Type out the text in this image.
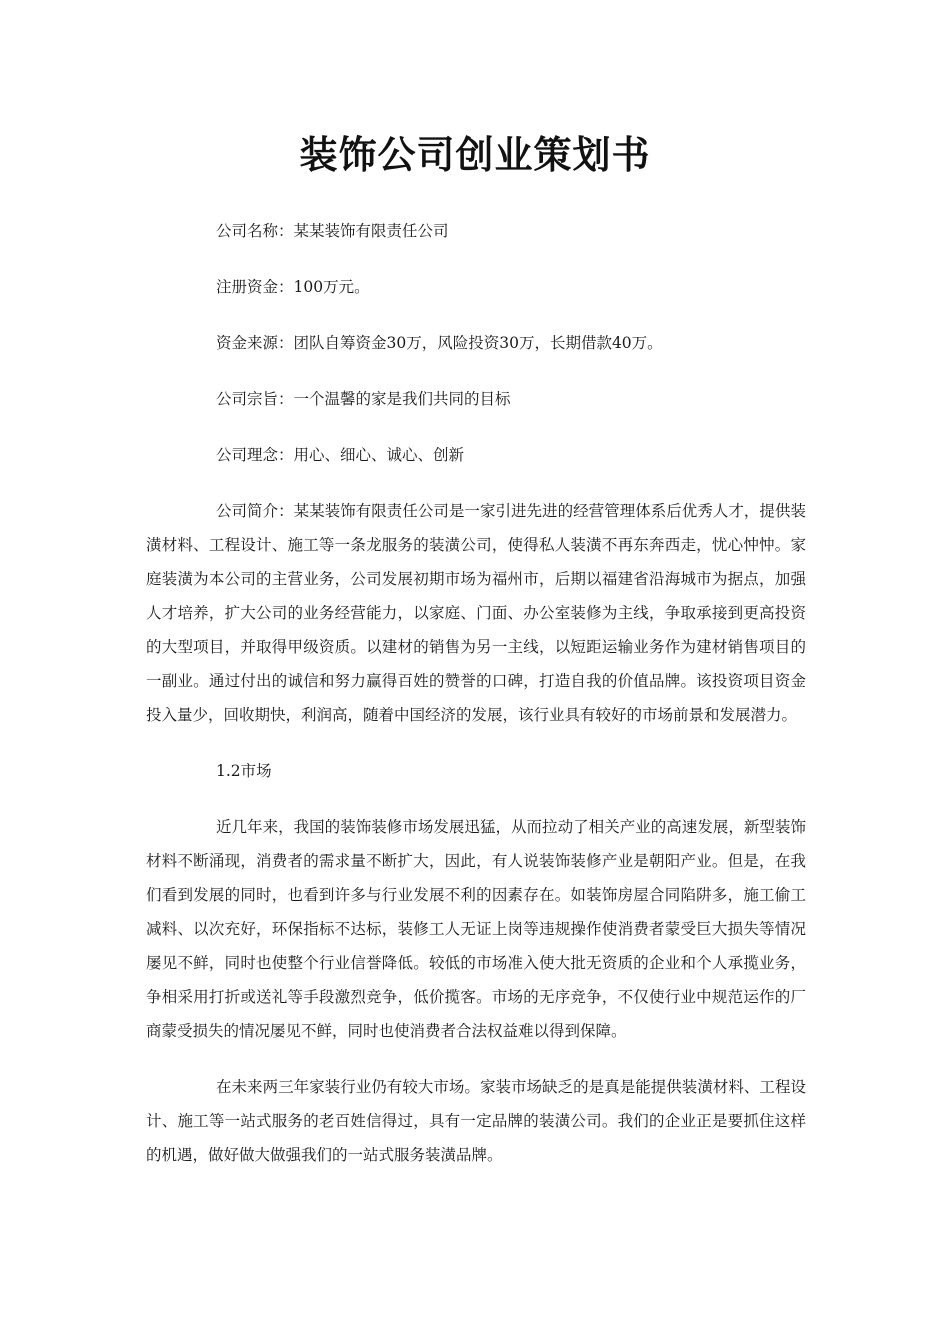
装饰公司创业策划书

公司名称：某某装饰有限责任公司

注册资金：100万元。

资金来源：团队自筹资金30万，风险投资30万，长期借款40万。

公司宗旨：一个温馨的家是我们共同的目标

公司理念：用心、细心、诚心、创新

公司简介：某某装饰有限责任公司是一家引进先进的经营管理体系后优秀人才，提供装潢材料、工程设计、施工等一条龙服务的装潢公司，使得私人装潢不再东奔西走，忧心忡忡。家庭装潢为本公司的主营业务，公司发展初期市场为福州市，后期以福建省沿海城市为据点，加强人才培养，扩大公司的业务经营能力，以家庭、门面、办公室装修为主线，争取承接到更高投资的大型项目，并取得甲级资质。以建材的销售为另一主线，以短距运输业务作为建材销售项目的一副业。通过付出的诚信和努力赢得百姓的赞誉的口碑，打造自我的价值品牌。该投资项目资金投入量少，回收期快，利润高，随着中国经济的发展，该行业具有较好的市场前景和发展潜力。

1.2市场

近几年来，我国的装饰装修市场发展迅猛，从而拉动了相关产业的高速发展，新型装饰材料不断涌现，消费者的需求量不断扩大，因此，有人说装饰装修产业是朝阳产业。但是，在我们看到发展的同时，也看到许多与行业发展不利的因素存在。如装饰房屋合同陷阱多，施工偷工减料、以次充好，环保指标不达标，装修工人无证上岗等违规操作使消费者蒙受巨大损失等情况屡见不鲜，同时也使整个行业信誉降低。较低的市场准入使大批无资质的企业和个人承揽业务，争相采用打折或送礼等手段激烈竞争，低价揽客。市场的无序竞争，不仅使行业中规范运作的厂商蒙受损失的情况屡见不鲜，同时也使消费者合法权益难以得到保障。

在未来两三年家装行业仍有较大市场。家装市场缺乏的是真是能提供装潢材料、工程设计、施工等一站式服务的老百姓信得过，具有一定品牌的装潢公司。我们的企业正是要抓住这样的机遇，做好做大做强我们的一站式服务装潢品牌。
